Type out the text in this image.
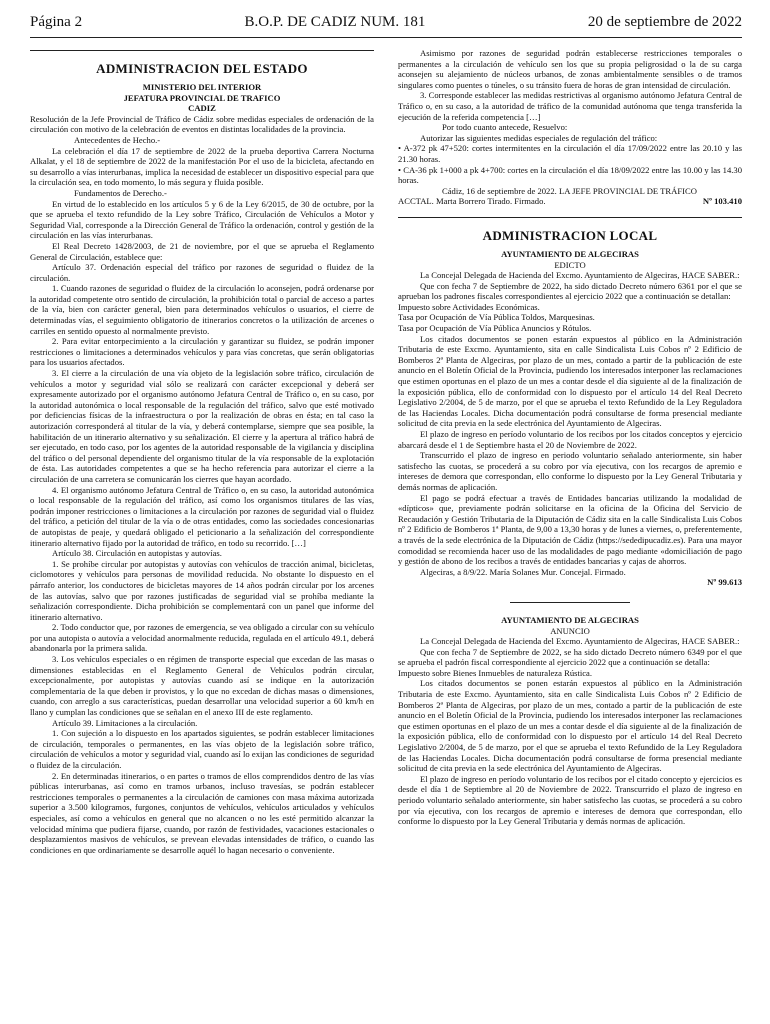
Página 2	B.O.P. DE CADIZ NUM. 181	20 de septiembre de 2022
ADMINISTRACION DEL ESTADO

MINISTERIO DEL INTERIOR

JEFATURA PROVINCIAL DE TRAFICO

CADIZ

Resolución de la Jefe Provincial de Tráfico de Cádiz sobre medidas especiales de ordenación de la circulación con motivo de la celebración de eventos en distintas localidades de la provincia.

Antecedentes de Hecho.-

La celebración el día 17 de septiembre de 2022 de la prueba deportiva Carrera Nocturna Alkalat, y el 18 de septiembre de 2022 de la manifestación Por el uso de la bicicleta, afectando en su desarrollo a vías interurbanas, implica la necesidad de establecer un dispositivo especial para que la circulación sea, en todo momento, lo más segura y fluida posible.

Fundamentos de Derecho.-

En virtud de lo establecido en los artículos 5 y 6 de la Ley 6/2015, de 30 de octubre, por la que se aprueba el texto refundido de la Ley sobre Tráfico, Circulación de Vehículos a Motor y Seguridad Vial, corresponde a la Dirección General de Tráfico la ordenación, control y gestión de la circulación en las vías interurbanas.

El Real Decreto 1428/2003, de 21 de noviembre, por el que se aprueba el Reglamento General de Circulación, establece que:

Artículo 37. Ordenación especial del tráfico por razones de seguridad o fluidez de la circulación.

1. Cuando razones de seguridad o fluidez de la circulación lo aconsejen, podrá ordenarse por la autoridad competente otro sentido de circulación, la prohibición total o parcial de acceso a partes de la vía, bien con carácter general, bien para determinados vehículos o usuarios, el cierre de determinadas vías, el seguimiento obligatorio de itinerarios concretos o la utilización de arcenes o carriles en sentido opuesto al normalmente previsto.

2. Para evitar entorpecimiento a la circulación y garantizar su fluidez, se podrán imponer restricciones o limitaciones a determinados vehículos y para vías concretas, que serán obligatorias para los usuarios afectados.

3. El cierre a la circulación de una vía objeto de la legislación sobre tráfico, circulación de vehículos a motor y seguridad vial sólo se realizará con carácter excepcional y deberá ser expresamente autorizado por el organismo autónomo Jefatura Central de Tráfico o, en su caso, por la autoridad autonómica o local responsable de la regulación del tráfico, salvo que esté motivado por deficiencias físicas de la infraestructura o por la realización de obras en ésta; en tal caso la autorización corresponderá al titular de la vía, y deberá contemplarse, siempre que sea posible, la habilitación de un itinerario alternativo y su señalización. El cierre y la apertura al tráfico habrá de ser ejecutado, en todo caso, por los agentes de la autoridad responsable de la vigilancia y disciplina del tráfico o del personal dependiente del organismo titular de la vía responsable de la explotación de ésta. Las autoridades competentes a que se ha hecho referencia para autorizar el cierre a la circulación de una carretera se comunicarán los cierres que hayan acordado.

4. El organismo autónomo Jefatura Central de Tráfico o, en su caso, la autoridad autonómica o local responsable de la regulación del tráfico, así como los organismos titulares de las vías, podrán imponer restricciones o limitaciones a la circulación por razones de seguridad vial o fluidez del tráfico, a petición del titular de la vía o de otras entidades, como las sociedades concesionarias de autopistas de peaje, y quedará obligado el peticionario a la señalización del correspondiente itinerario alternativo fijado por la autoridad de tráfico, en todo su recorrido. […]

Artículo 38. Circulación en autopistas y autovías.

1. Se prohíbe circular por autopistas y autovías con vehículos de tracción animal, bicicletas, ciclomotores y vehículos para personas de movilidad reducida. No obstante lo dispuesto en el párrafo anterior, los conductores de bicicletas mayores de 14 años podrán circular por los arcenes de las autovías, salvo que por razones justificadas de seguridad vial se prohíba mediante la señalización correspondiente. Dicha prohibición se complementará con un panel que informe del itinerario alternativo.

2. Todo conductor que, por razones de emergencia, se vea obligado a circular con su vehículo por una autopista o autovía a velocidad anormalmente reducida, regulada en el artículo 49.1, deberá abandonarla por la primera salida.

3. Los vehículos especiales o en régimen de transporte especial que excedan de las masas o dimensiones establecidas en el Reglamento General de Vehículos podrán circular, excepcionalmente, por autopistas y autovías cuando así se indique en la autorización complementaria de la que deben ir provistos, y lo que no excedan de dichas masas o dimensiones, cuando, con arreglo a sus características, puedan desarrollar una velocidad superior a 60 km/h en llano y cumplan las condiciones que se señalan en el anexo III de este reglamento.

Artículo 39. Limitaciones a la circulación.

1. Con sujeción a lo dispuesto en los apartados siguientes, se podrán establecer limitaciones de circulación, temporales o permanentes, en las vías objeto de la legislación sobre tráfico, circulación de vehículos a motor y seguridad vial, cuando así lo exijan las condiciones de seguridad o fluidez de la circulación.

2. En determinadas itinerarios, o en partes o tramos de ellos comprendidos dentro de las vías públicas interurbanas, así como en tramos urbanos, incluso travesías, se podrán establecer restricciones temporales o permanentes a la circulación de camiones con masa máxima autorizada superior a 3.500 kilogramos, furgones, conjuntos de vehículos, vehículos articulados y vehículos especiales, así como a vehículos en general que no alcancen o no les esté permitido alcanzar la velocidad mínima que pudiera fijarse, cuando, por razón de festividades, vacaciones estacionales o desplazamientos masivos de vehículos, se prevean elevadas intensidades de tráfico, o cuando las condiciones en que ordinariamente se desarrolle aquél lo hagan necesario o conveniente.

Asimismo por razones de seguridad podrán establecerse restricciones temporales o permanentes a la circulación de vehículo sen los que su propia peligrosidad o la de su carga aconsejen su alejamiento de núcleos urbanos, de zonas ambientalmente sensibles o de tramos singulares como puentes o túneles, o su tránsito fuera de horas de gran intensidad de circulación.

3. Corresponde establecer las medidas restrictivas al organismo autónomo Jefatura Central de Tráfico o, en su caso, a la autoridad de tráfico de la comunidad autónoma que tenga transferida la ejecución de la referida competencia […]

Por todo cuanto antecede, Resuelvo:

Autorizar las siguientes medidas especiales de regulación del tráfico:

• A-372 pk 47+520: cortes intermitentes en la circulación el día 17/09/2022 entre las 20.10 y las 21.30 horas.

• CA-36 pk 1+000 a pk 4+700: cortes en la circulación el día 18/09/2022 entre las 10.00 y las 14.30 horas.

Cádiz, 16 de septiembre de 2022. LA JEFE PROVINCIAL DE TRÁFICO

ACCTAL. Marta Borrero Tirado. Firmado.	Nº 103.410
ADMINISTRACION LOCAL

AYUNTAMIENTO DE ALGECIRAS

EDICTO

La Concejal Delegada de Hacienda del Excmo. Ayuntamiento de Algeciras, HACE SABER.:

Que con fecha 7 de Septiembre de 2022, ha sido dictado Decreto número 6361 por el que se aprueban los padrones fiscales correspondientes al ejercicio 2022 que a continuación se detallan:

Impuesto sobre Actividades Económicas.

Tasa por Ocupación de Vía Pública Toldos, Marquesinas.

Tasa por Ocupación de Vía Pública Anuncios y Rótulos.

Los citados documentos se ponen estarán expuestos al público en la Administración Tributaria de este Excmo. Ayuntamiento, sita en calle Sindicalista Luis Cobos nº 2 Edificio de Bomberos 2ª Planta de Algeciras, por plazo de un mes, contado a partir de la publicación de este anuncio en el Boletín Oficial de la Provincia, pudiendo los interesados interponer las reclamaciones que estimen oportunas en el plazo de un mes a contar desde el día siguiente al de la finalización de la exposición pública, ello de conformidad con lo dispuesto por el artículo 14 del Real Decreto Legislativo 2/2004, de 5 de marzo, por el que se aprueba el texto Refundido de la Ley Reguladora de las Haciendas Locales. Dicha documentación podrá consultarse de forma presencial mediante solicitud de cita previa en la sede electrónica del Ayuntamiento de Algeciras.

El plazo de ingreso en período voluntario de los recibos por los citados conceptos y ejercicio abarcará desde el 1 de Septiembre hasta el 20 de Noviembre de 2022.

Transcurrido el plazo de ingreso en periodo voluntario señalado anteriormente, sin haber satisfecho las cuotas, se procederá a su cobro por vía ejecutiva, con los recargos de apremio e intereses de demora que correspondan, ello conforme lo dispuesto por la Ley General Tributaria y demás normas de aplicación.

El pago se podrá efectuar a través de Entidades bancarias utilizando la modalidad de «dípticos» que, previamente podrán solicitarse en la oficina de la Oficina del Servicio de Recaudación y Gestión Tributaria de la Diputación de Cádiz sita en la calle Sindicalista Luis Cobos nº 2 Edificio de Bomberos 1ª Planta, de 9,00 a 13,30 horas y de lunes a viernes, o, preferentemente, a través de la sede electrónica de la Diputación de Cádiz (https://sededipucadiz.es). Para una mayor comodidad se recomienda hacer uso de las modalidades de pago mediante «domiciliación de pago y gestión de abono de los recibos a través de entidades bancarias y cajas de ahorros.

Algeciras, a 8/9/22. María Solanes Mur. Concejal. Firmado.

Nº 99.613

AYUNTAMIENTO DE ALGECIRAS

ANUNCIO

La Concejal Delegada de Hacienda del Excmo. Ayuntamiento de Algeciras, HACE SABER.:

Que con fecha 7 de Septiembre de 2022, se ha sido dictado Decreto número 6349 por el que se aprueba el padrón fiscal correspondiente al ejercicio 2022 que a continuación se detalla:

Impuesto sobre Bienes Inmuebles de naturaleza Rústica.

Los citados documentos se ponen estarán expuestos al público en la Administración Tributaria de este Excmo. Ayuntamiento, sita en calle Sindicalista Luis Cobos nº 2 Edificio de Bomberos 2ª Planta de Algeciras, por plazo de un mes, contado a partir de la publicación de este anuncio en el Boletín Oficial de la Provincia, pudiendo los interesados interponer las reclamaciones que estimen oportunas en el plazo de un mes a contar desde el día siguiente al de la finalización de la exposición pública, ello de conformidad con lo dispuesto por el artículo 14 del Real Decreto Legislativo 2/2004, de 5 de marzo, por el que se aprueba el texto Refundido de la Ley Reguladora de las Haciendas Locales. Dicha documentación podrá consultarse de forma presencial mediante solicitud de cita previa en la sede electrónica del Ayuntamiento de Algeciras.

El plazo de ingreso en período voluntario de los recibos por el citado concepto y ejercicios es desde el día 1 de Septiembre al 20 de Noviembre de 2022. Transcurrido el plazo de ingreso en periodo voluntario señalado anteriormente, sin haber satisfecho las cuotas, se procederá a su cobro por vía ejecutiva, con los recargos de apremio e intereses de demora que correspondan, ello conforme lo dispuesto por la Ley General Tributaria y demás normas de aplicación.
